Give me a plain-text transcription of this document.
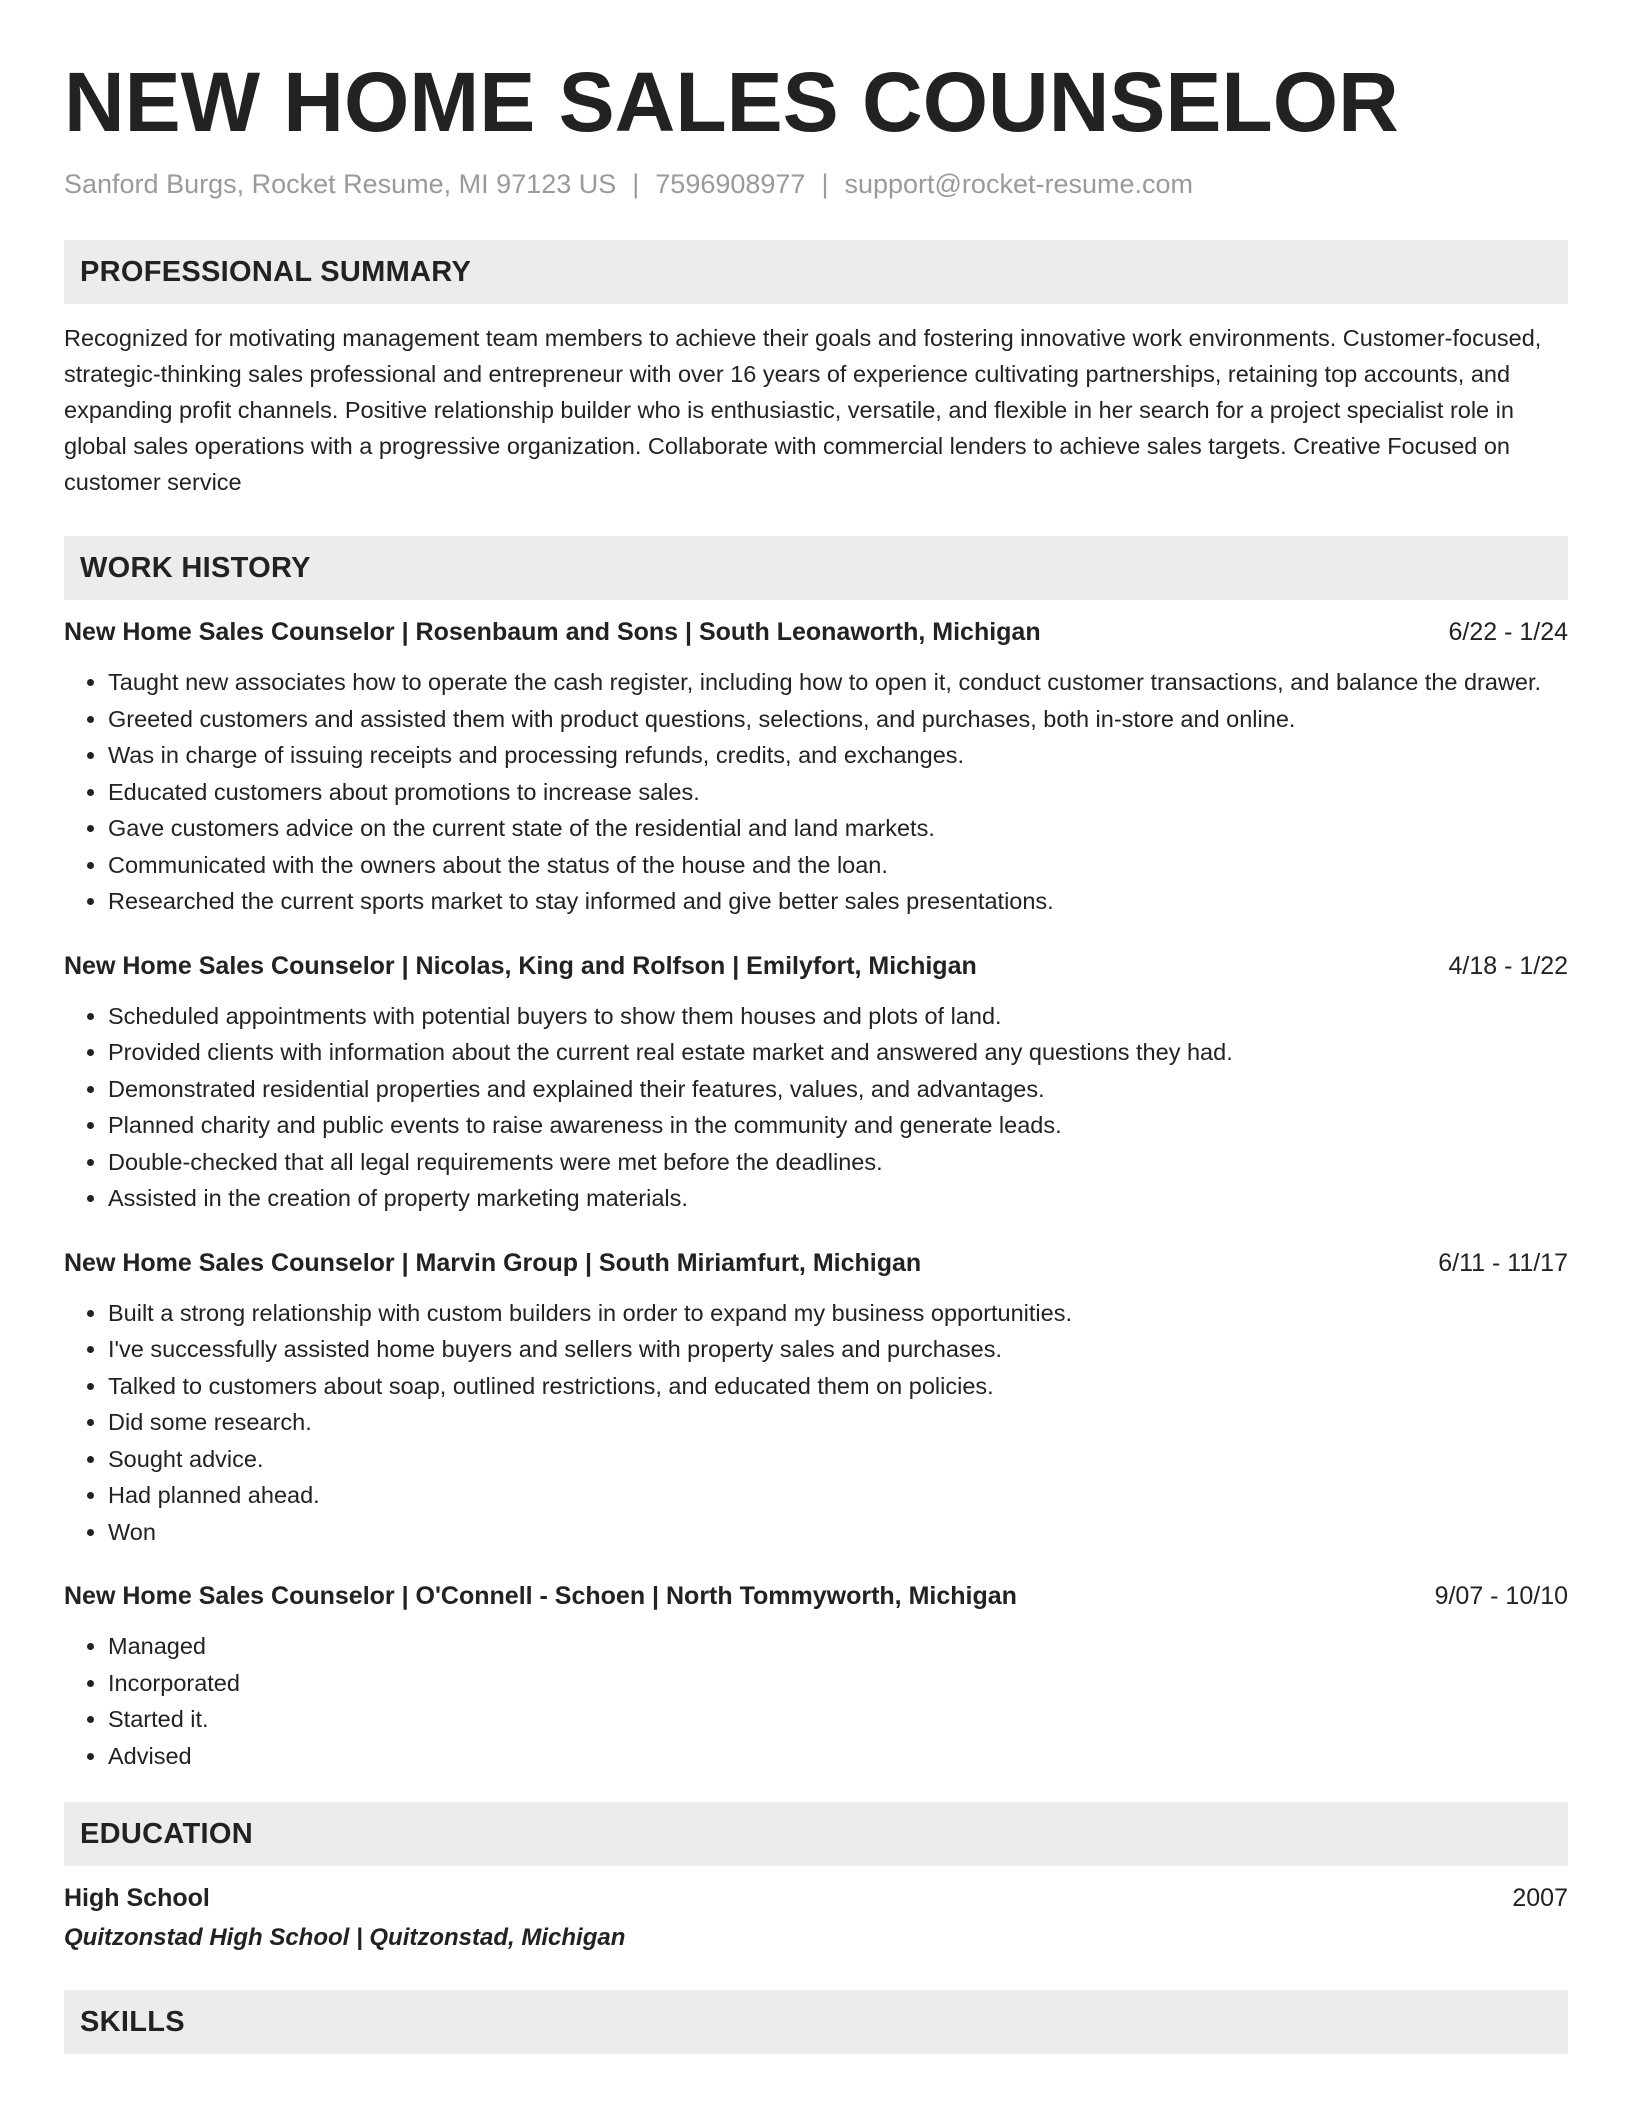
NEW HOME SALES COUNSELOR
Sanford Burgs, Rocket Resume, MI 97123 US | 7596908977 | support@rocket-resume.com
PROFESSIONAL SUMMARY

Recognized for motivating management team members to achieve their goals and fostering innovative work environments. Customer-focused, strategic-thinking sales professional and entrepreneur with over 16 years of experience cultivating partnerships, retaining top accounts, and expanding profit channels. Positive relationship builder who is enthusiastic, versatile, and flexible in her search for a project specialist role in global sales operations with a progressive organization. Collaborate with commercial lenders to achieve sales targets. Creative Focused on customer service

WORK HISTORY
New Home Sales Counselor | Rosenbaum and Sons | South Leonaworth, Michigan	6/22 - 1/24
• Taught new associates how to operate the cash register, including how to open it, conduct customer transactions, and balance the drawer.
• Greeted customers and assisted them with product questions, selections, and purchases, both in-store and online.
• Was in charge of issuing receipts and processing refunds, credits, and exchanges.
• Educated customers about promotions to increase sales.
• Gave customers advice on the current state of the residential and land markets.
• Communicated with the owners about the status of the house and the loan.
• Researched the current sports market to stay informed and give better sales presentations.
New Home Sales Counselor | Nicolas, King and Rolfson | Emilyfort, Michigan	4/18 - 1/22
• Scheduled appointments with potential buyers to show them houses and plots of land.
• Provided clients with information about the current real estate market and answered any questions they had.
• Demonstrated residential properties and explained their features, values, and advantages.
• Planned charity and public events to raise awareness in the community and generate leads.
• Double-checked that all legal requirements were met before the deadlines.
• Assisted in the creation of property marketing materials.
New Home Sales Counselor | Marvin Group | South Miriamfurt, Michigan	6/11 - 11/17
• Built a strong relationship with custom builders in order to expand my business opportunities.
• I've successfully assisted home buyers and sellers with property sales and purchases.
• Talked to customers about soap, outlined restrictions, and educated them on policies.
• Did some research.
• Sought advice.
• Had planned ahead.
• Won
New Home Sales Counselor | O'Connell - Schoen | North Tommyworth, Michigan	9/07 - 10/10
• Managed
• Incorporated
• Started it.
• Advised
EDUCATION
High School	2007
Quitzonstad High School | Quitzonstad, Michigan
SKILLS
